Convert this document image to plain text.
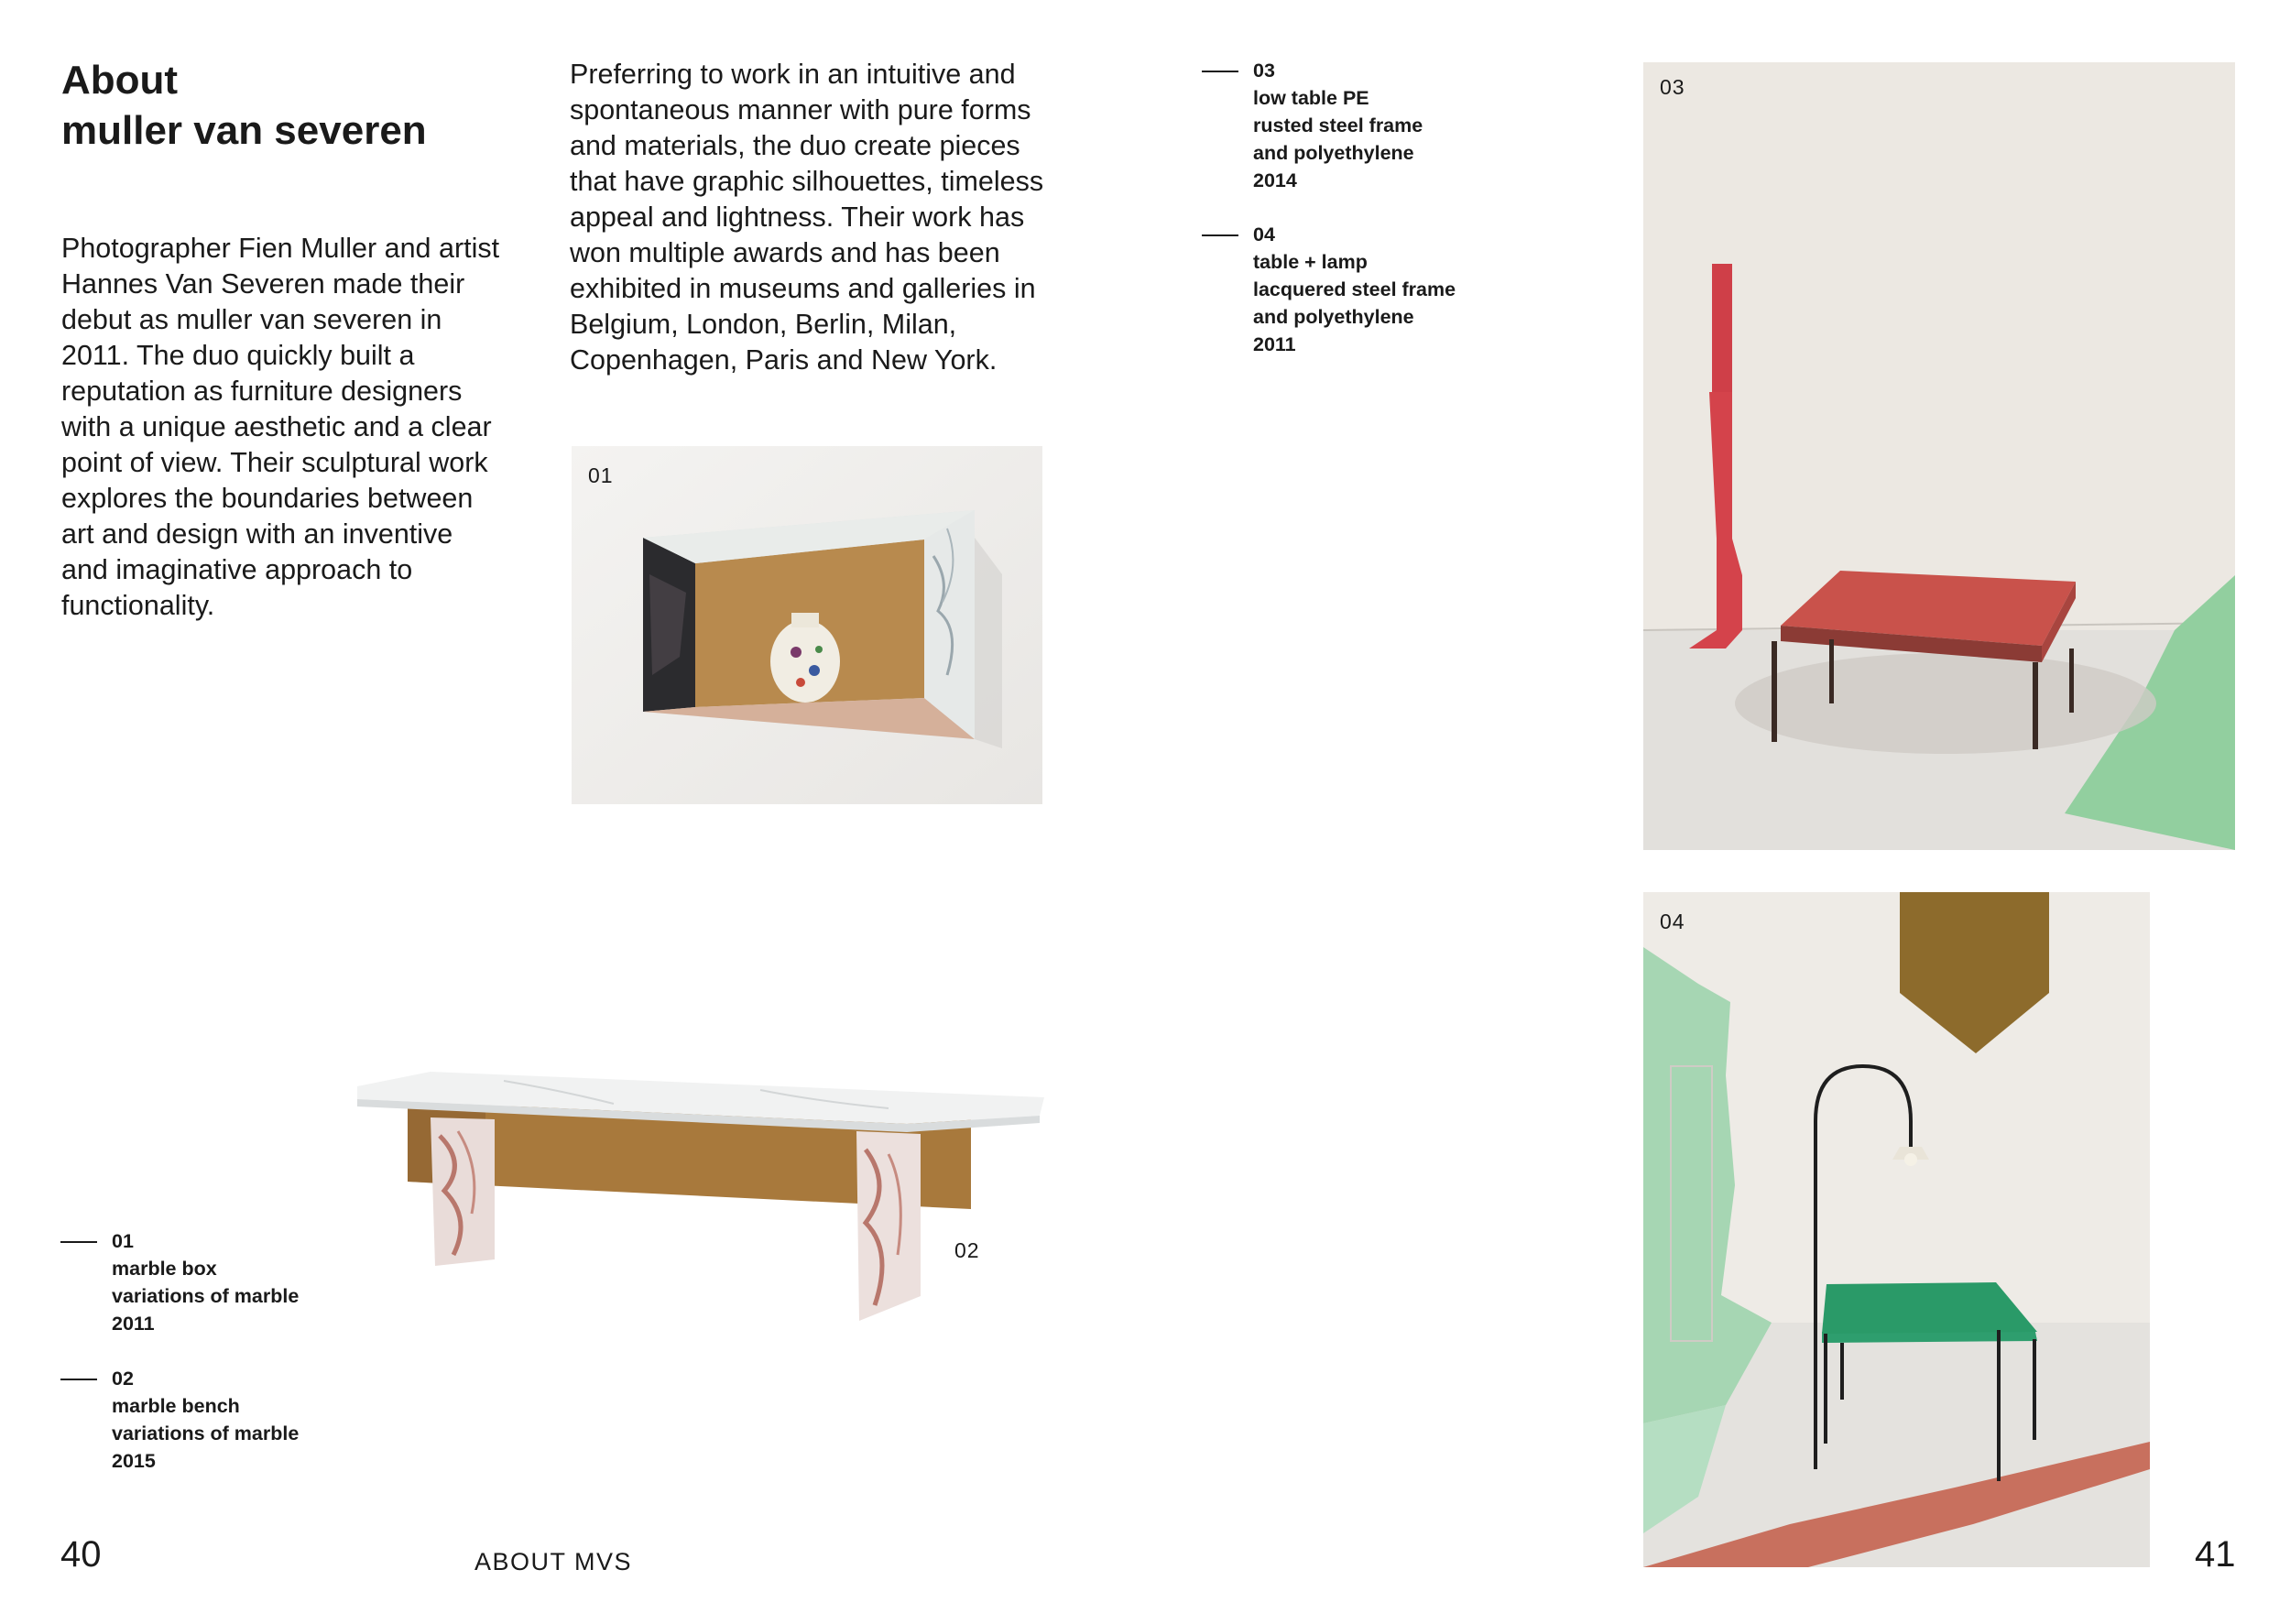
About
muller van severen
Photographer Fien Muller and artist Hannes Van Severen made their debut as muller van severen in 2011. The duo quickly built a reputation as furniture designers with a unique aesthetic and a clear point of view. Their sculptural work explores the boundaries between art and design with an inventive and imaginative approach to functionality.
Preferring to work in an intuitive and spontaneous manner with pure forms and materials, the duo create pieces that have graphic silhouettes, timeless appeal and lightness. Their work has won multiple awards and has been exhibited in museums and galleries in Belgium, London, Berlin, Milan, Copenhagen, Paris and New York.
01
02
03
04
01
marble box
variations of marble
2011
02
marble bench
variations of marble
2015
03
low table PE
rusted steel frame
and polyethylene
2014
04
table + lamp
lacquered steel frame
and polyethylene
2011
40	ABOUT MVS	41
